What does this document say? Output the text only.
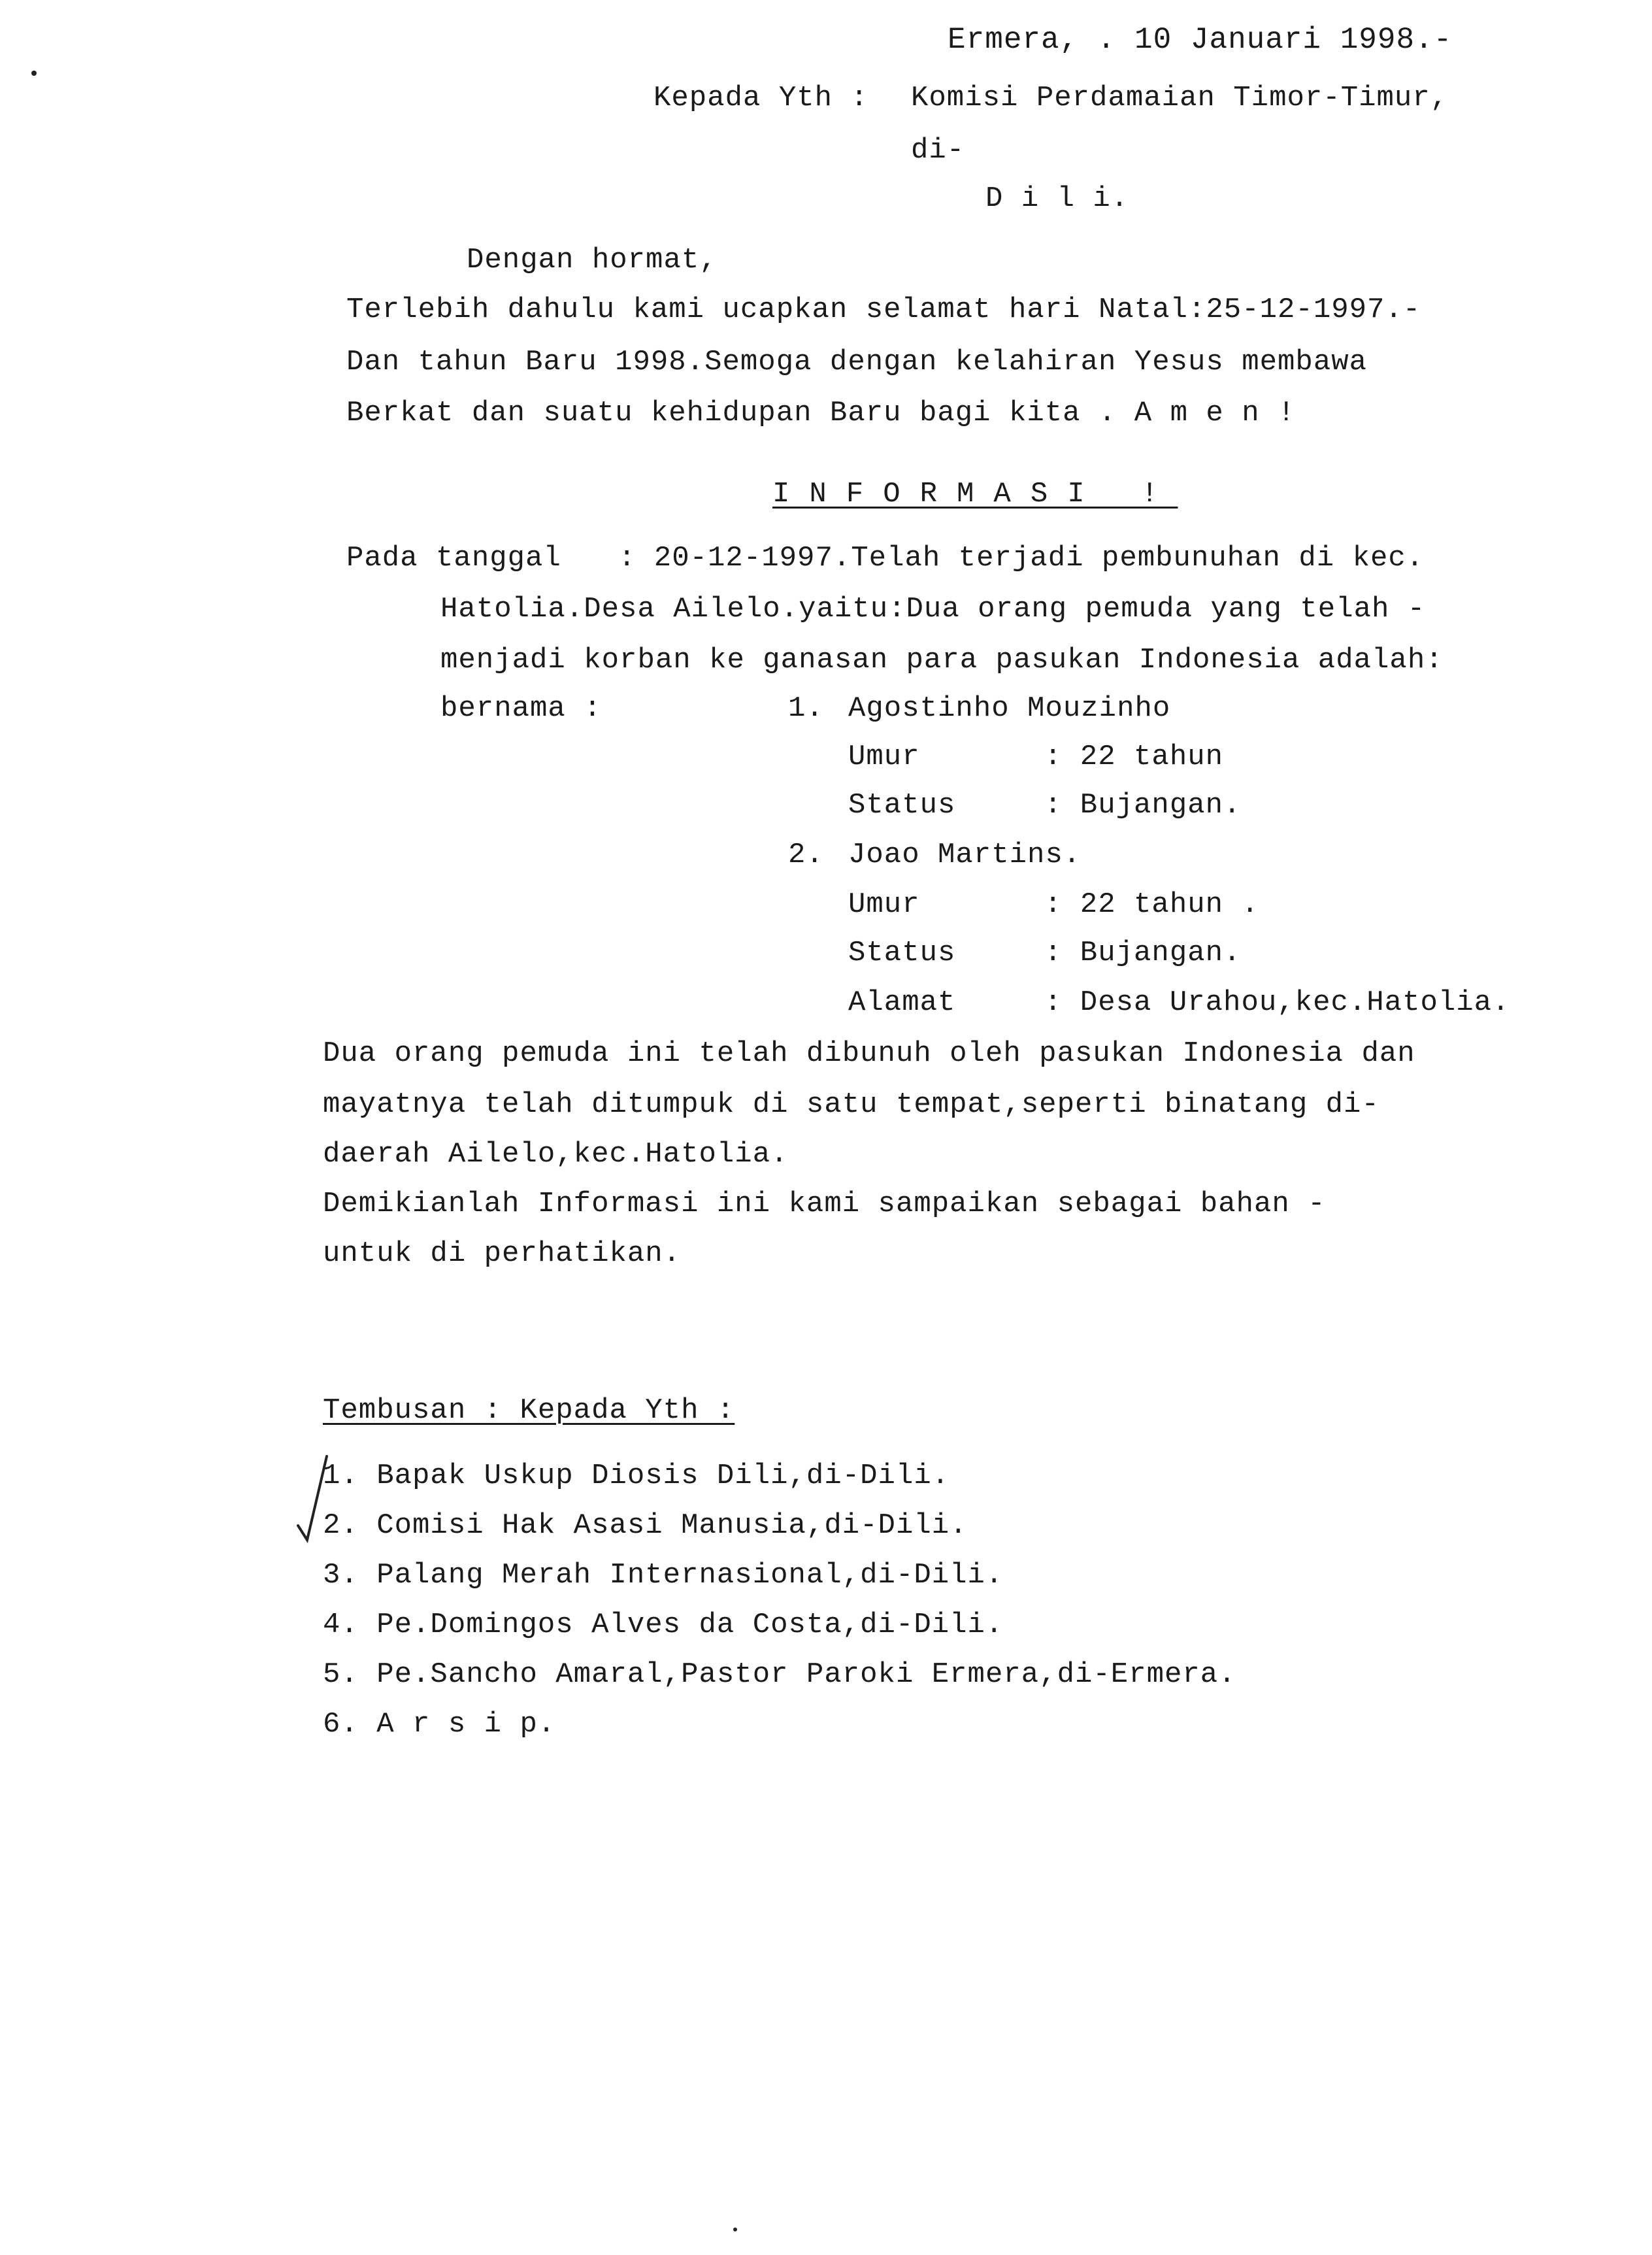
Ermera, . 10 Januari 1998.-
Kepada Yth : Komisi Perdamaian Timor-Timur,
di-
D i l i.
Dengan hormat,
Terlebih dahulu kami ucapkan selamat hari Natal:25-12-1997.-
Dan tahun Baru 1998.Semoga dengan kelahiran Yesus membawa
Berkat dan suatu kehidupan Baru bagi kita . A m e n !
INFORMASI !
Pada tanggal : 20-12-1997.Telah terjadi pembunuhan di kec.
Hatolia.Desa Ailelo.yaitu:Dua orang pemuda yang telah -
menjadi korban ke ganasan para pasukan Indonesia adalah:
bernama :	1. Agostinho Mouzinho
Umur	: 22 tahun
Status	: Bujangan.
2. Joao Martins.
Umur	: 22 tahun .
Status	: Bujangan.
Alamat	: Desa Urahou,kec.Hatolia.
Dua orang pemuda ini telah dibunuh oleh pasukan Indonesia dan
mayatnya telah ditumpuk di satu tempat,seperti binatang di-
daerah Ailelo,kec.Hatolia.
Demikianlah Informasi ini kami sampaikan sebagai bahan -
untuk di perhatikan.
Tembusan : Kepada Yth :
1. Bapak Uskup Diosis Dili,di-Dili.
2. Comisi Hak Asasi Manusia,di-Dili.
3. Palang Merah Internasional,di-Dili.
4. Pe.Domingos Alves da Costa,di-Dili.
5. Pe.Sancho Amaral,Pastor Paroki Ermera,di-Ermera.
6. A r s i p.
